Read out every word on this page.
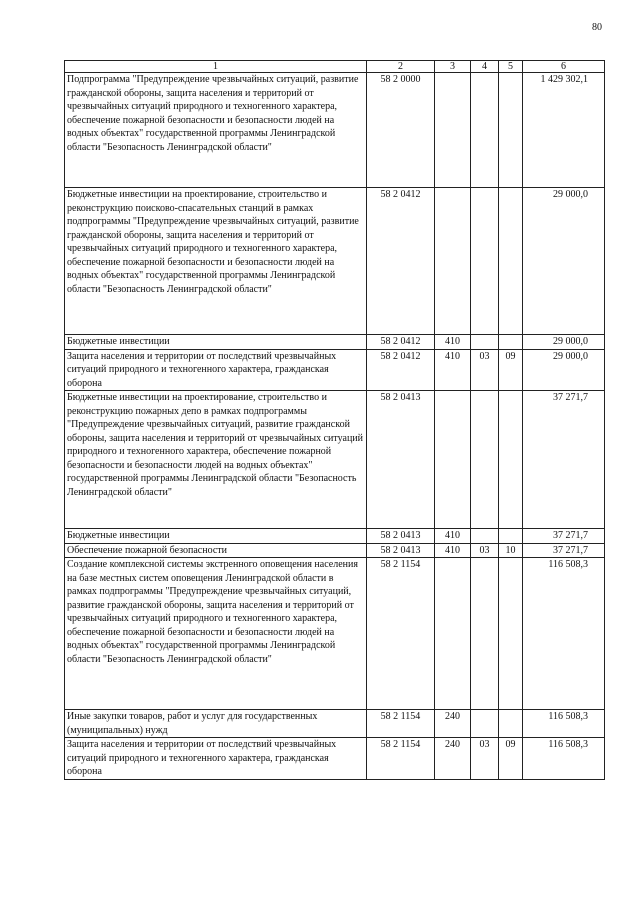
80
1	2	3	4	5	6
Подпрограмма "Предупреждение чрезвычайных ситуаций, развитие гражданской обороны, защита населения и территорий от чрезвычайных ситуаций природного и техногенного характера, обеспечение пожарной безопасности и безопасности людей на водных объектах" государственной программы Ленинградской области "Безопасность Ленинградской области"	58 2 0000				1 429 302,1
Бюджетные инвестиции на проектирование, строительство и реконструкцию поисково-спасательных станций в рамках подпрограммы "Предупреждение чрезвычайных ситуаций, развитие гражданской обороны, защита населения и территорий от чрезвычайных ситуаций природного и техногенного характера, обеспечение пожарной безопасности и безопасности людей на водных объектах" государственной программы Ленинградской области "Безопасность Ленинградской области"	58 2 0412				29 000,0
Бюджетные инвестиции	58 2 0412	410			29 000,0
Защита населения и территории от последствий чрезвычайных ситуаций природного и техногенного характера, гражданская оборона	58 2 0412	410	03	09	29 000,0
Бюджетные инвестиции на проектирование, строительство и реконструкцию пожарных депо в рамках подпрограммы "Предупреждение чрезвычайных ситуаций, развитие гражданской обороны, защита населения и территорий от чрезвычайных ситуаций природного и техногенного характера, обеспечение пожарной безопасности и безопасности людей на водных объектах" государственной программы Ленинградской области "Безопасность Ленинградской области"	58 2 0413				37 271,7
Бюджетные инвестиции	58 2 0413	410			37 271,7
Обеспечение пожарной безопасности	58 2 0413	410	03	10	37 271,7
Создание комплексной системы экстренного оповещения населения на базе местных систем оповещения Ленинградской области в рамках подпрограммы "Предупреждение чрезвычайных ситуаций, развитие гражданской обороны, защита населения и территорий от чрезвычайных ситуаций природного и техногенного характера, обеспечение пожарной безопасности и безопасности людей на водных объектах" государственной программы Ленинградской области "Безопасность Ленинградской области"	58 2 1154				116 508,3
Иные закупки товаров, работ и услуг для государственных (муниципальных) нужд	58 2 1154	240			116 508,3
Защита населения и территории от последствий чрезвычайных ситуаций природного и техногенного характера, гражданская оборона	58 2 1154	240	03	09	116 508,3
